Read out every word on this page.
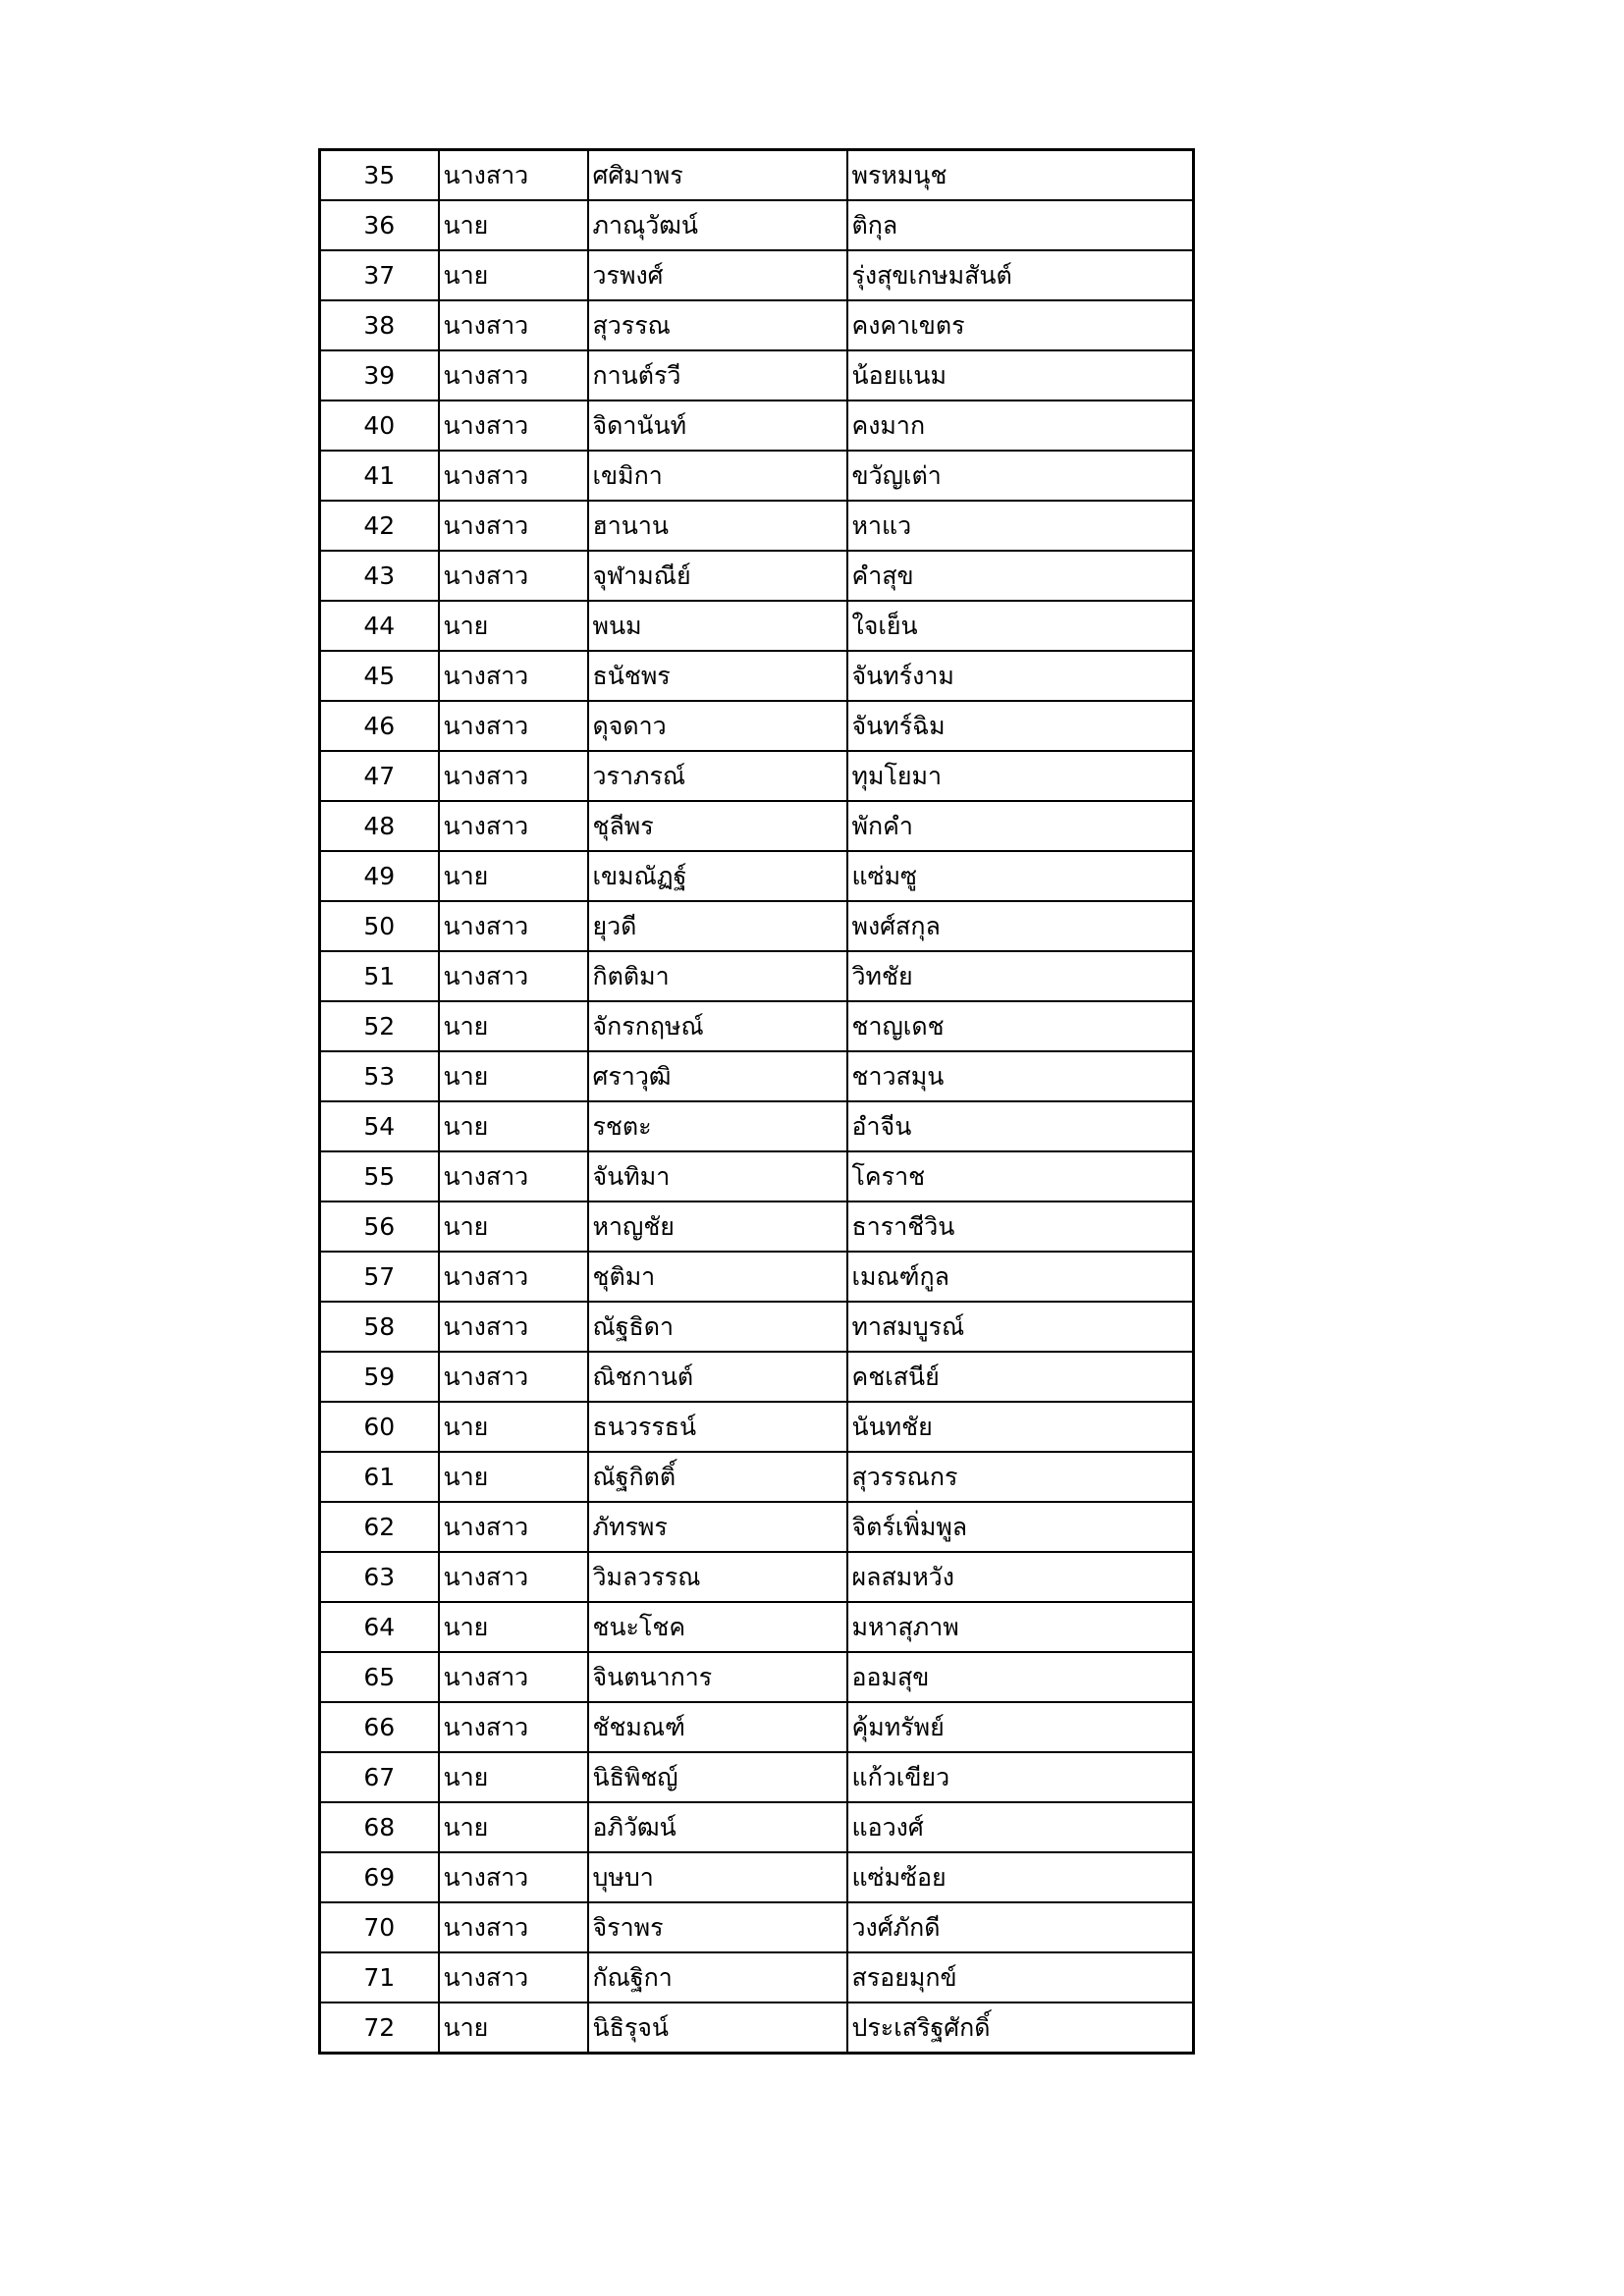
35	นางสาว	ศศิมาพร	พรหมนุช
36	นาย	ภาณุวัฒน์	ติกุล
37	นาย	วรพงศ์	รุ่งสุขเกษมสันต์
38	นางสาว	สุวรรณ	คงคาเขตร
39	นางสาว	กานต์รวี	น้อยแนม
40	นางสาว	จิดานันท์	คงมาก
41	นางสาว	เขมิกา	ขวัญเต่า
42	นางสาว	ฮานาน	หาแว
43	นางสาว	จุฬามณีย์	คำสุข
44	นาย	พนม	ใจเย็น
45	นางสาว	ธนัชพร	จันทร์งาม
46	นางสาว	ดุจดาว	จันทร์ฉิม
47	นางสาว	วราภรณ์	ทุมโยมา
48	นางสาว	ชุลีพร	พักคำ
49	นาย	เขมณัฏฐ์	แซ่มซู
50	นางสาว	ยุวดี	พงศ์สกุล
51	นางสาว	กิตติมา	วิทชัย
52	นาย	จักรกฤษณ์	ชาญเดช
53	นาย	ศราวุฒิ	ชาวสมุน
54	นาย	รชตะ	อำจีน
55	นางสาว	จันทิมา	โคราช
56	นาย	หาญชัย	ธาราชีวิน
57	นางสาว	ชุติมา	เมณฑ์กูล
58	นางสาว	ณัฐธิดา	ทาสมบูรณ์
59	นางสาว	ณิชกานต์	คชเสนีย์
60	นาย	ธนวรรธน์	นันทชัย
61	นาย	ณัฐกิตติ์	สุวรรณกร
62	นางสาว	ภัทรพร	จิตร์เพิ่มพูล
63	นางสาว	วิมลวรรณ	ผลสมหวัง
64	นาย	ชนะโชค	มหาสุภาพ
65	นางสาว	จินตนาการ	ออมสุข
66	นางสาว	ชัชมณฑ์	คุ้มทรัพย์
67	นาย	นิธิพิชญ์	แก้วเขียว
68	นาย	อภิวัฒน์	แอวงศ์
69	นางสาว	บุษบา	แซ่มซ้อย
70	นางสาว	จิราพร	วงศ์ภักดี
71	นางสาว	กัณฐิกา	สรอยมุกข์
72	นาย	นิธิรุจน์	ประเสริฐศักดิ์
